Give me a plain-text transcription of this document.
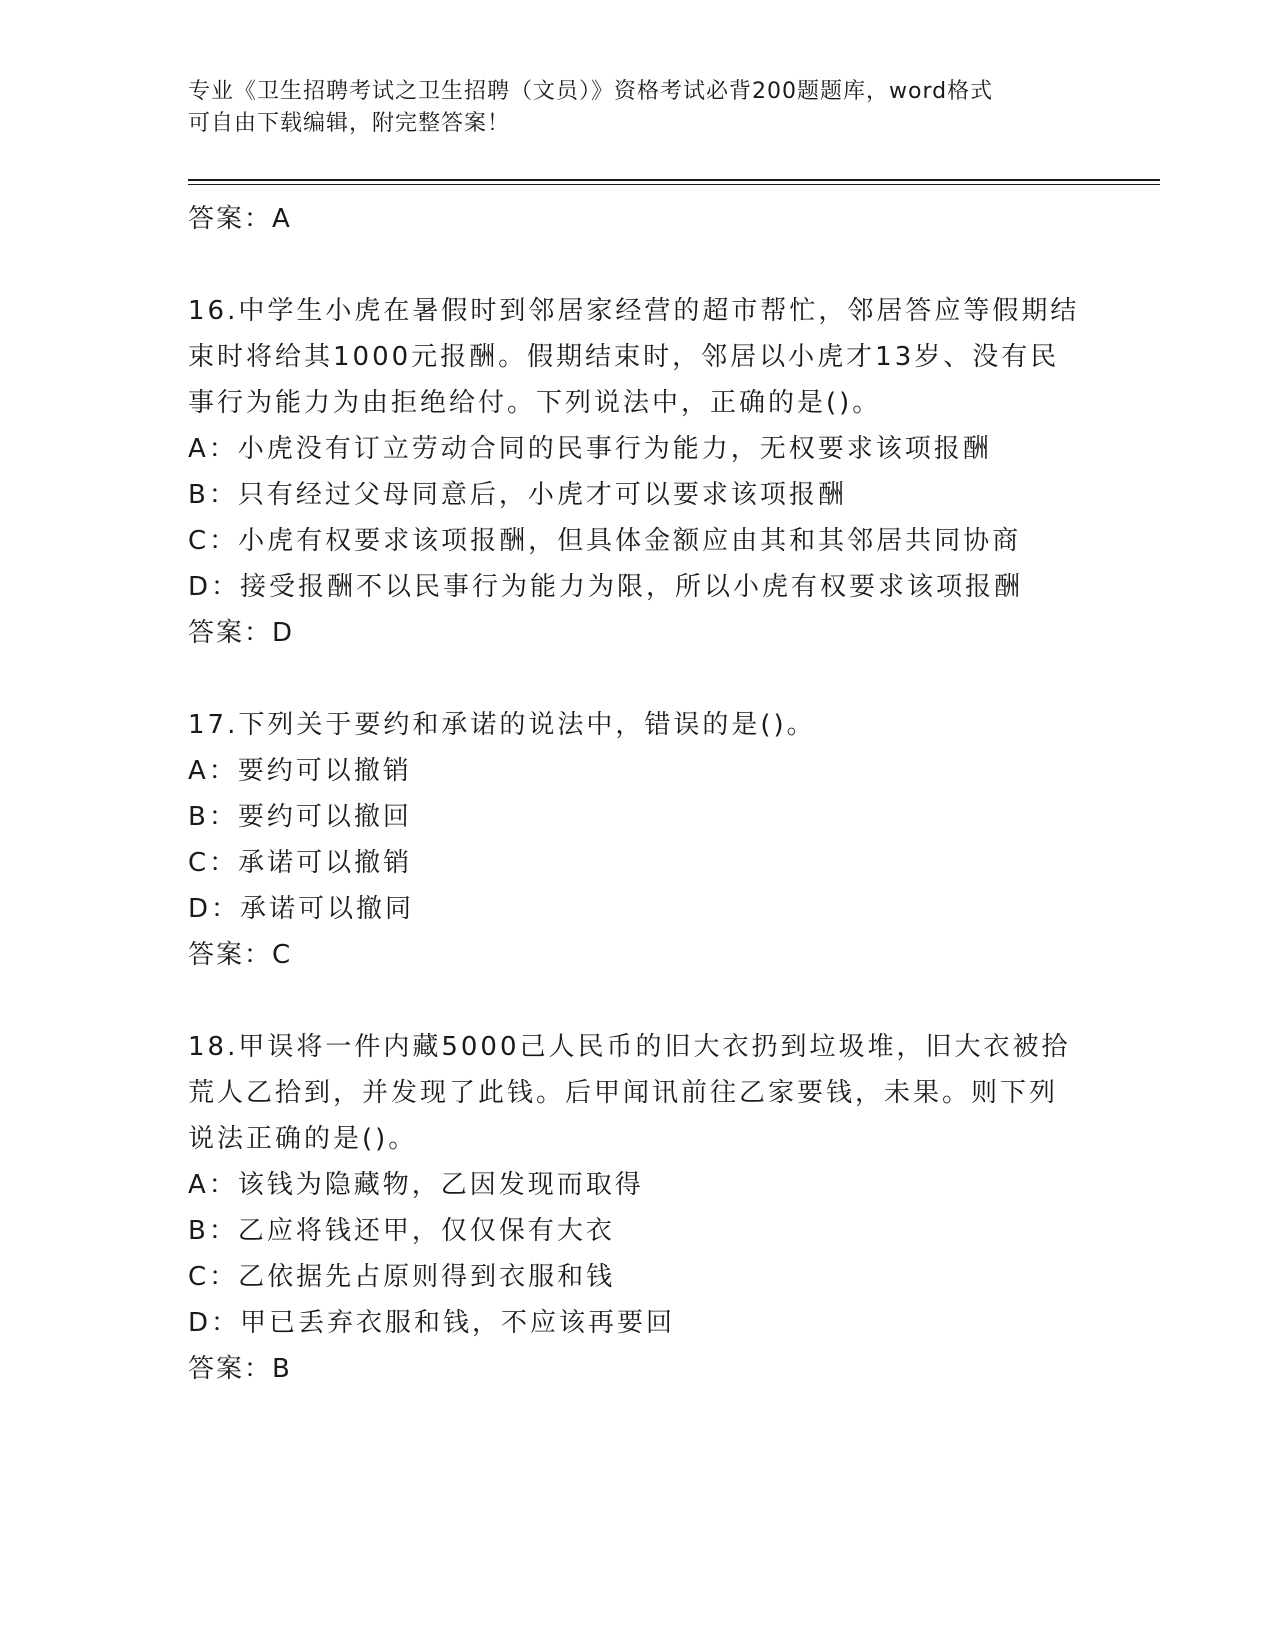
专业《卫生招聘考试之卫生招聘（文员）》资格考试必背200题题库，word格式
可自由下载编辑，附完整答案！
答案：A
16.中学生小虎在暑假时到邻居家经营的超市帮忙，邻居答应等假期结
束时将给其1000元报酬。假期结束时，邻居以小虎才13岁、没有民
事行为能力为由拒绝给付。下列说法中，正确的是()。
A：小虎没有订立劳动合同的民事行为能力，无权要求该项报酬
B：只有经过父母同意后，小虎才可以要求该项报酬
C：小虎有权要求该项报酬，但具体金额应由其和其邻居共同协商
D：接受报酬不以民事行为能力为限，所以小虎有权要求该项报酬
答案：D
17.下列关于要约和承诺的说法中，错误的是()。
A：要约可以撤销
B：要约可以撤回
C：承诺可以撤销
D：承诺可以撤同
答案：C
18.甲误将一件内藏5000己人民币的旧大衣扔到垃圾堆，旧大衣被拾
荒人乙拾到，并发现了此钱。后甲闻讯前往乙家要钱，未果。则下列
说法正确的是()。
A：该钱为隐藏物，乙因发现而取得
B：乙应将钱还甲，仅仅保有大衣
C：乙依据先占原则得到衣服和钱
D：甲已丢弃衣服和钱，不应该再要回
答案：B
